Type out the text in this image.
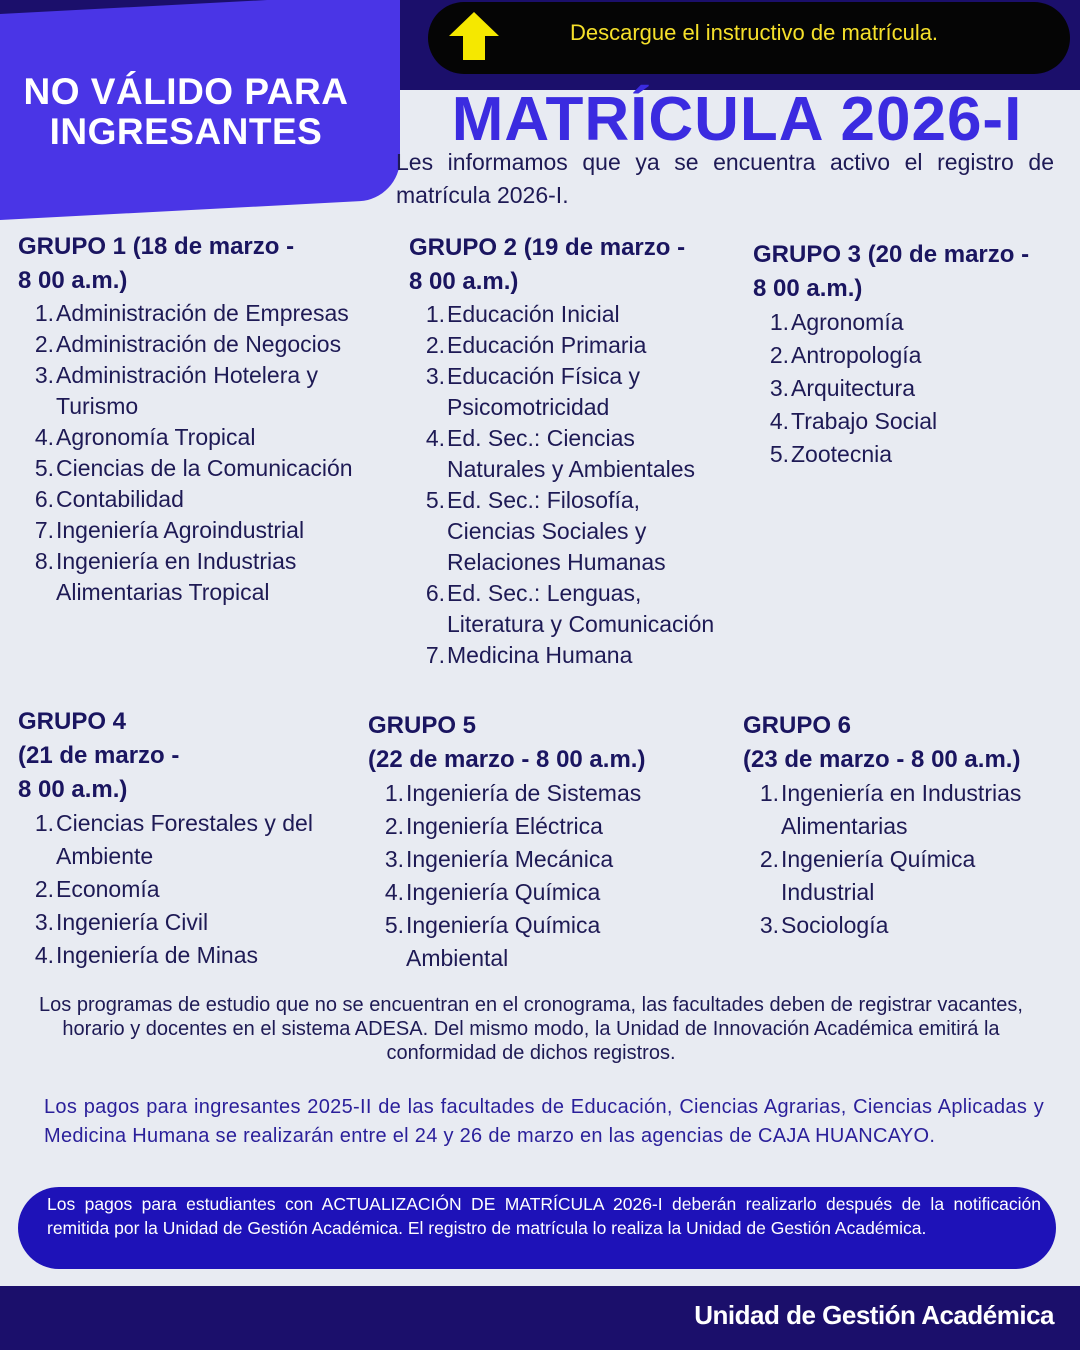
NO VÁLIDO PARA
INGRESANTES
Descargue el instructivo de matrícula.
MATRÍCULA 2026-I
Les informamos que ya se encuentra activo el registro de matrícula 2026-I.
GRUPO 1 (18 de marzo -
8 00 a.m.)
1. Administración de Empresas
2. Administración de Negocios
3. Administración Hotelera y Turismo
4. Agronomía Tropical
5. Ciencias de la Comunicación
6. Contabilidad
7. Ingeniería Agroindustrial
8. Ingeniería en Industrias Alimentarias Tropical
GRUPO 2 (19 de marzo -
8 00 a.m.)
1. Educación Inicial
2. Educación Primaria
3. Educación Física y Psicomotricidad
4. Ed. Sec.: Ciencias Naturales y Ambientales
5. Ed. Sec.: Filosofía, Ciencias Sociales y Relaciones Humanas
6. Ed. Sec.: Lenguas, Literatura y Comunicación
7. Medicina Humana
GRUPO 3 (20 de marzo -
8 00 a.m.)
1. Agronomía
2. Antropología
3. Arquitectura
4. Trabajo Social
5. Zootecnia
GRUPO 4
(21 de marzo -
8 00 a.m.)
1. Ciencias Forestales y del Ambiente
2. Economía
3. Ingeniería Civil
4. Ingeniería de Minas
GRUPO 5
(22 de marzo - 8 00 a.m.)
1. Ingeniería de Sistemas
2. Ingeniería Eléctrica
3. Ingeniería Mecánica
4. Ingeniería Química
5. Ingeniería Química Ambiental
GRUPO 6
(23 de marzo - 8 00 a.m.)
1. Ingeniería en Industrias Alimentarias
2. Ingeniería Química Industrial
3. Sociología
Los programas de estudio que no se encuentran en el cronograma, las facultades deben de registrar vacantes, horario y docentes en el sistema ADESA. Del mismo modo, la Unidad de Innovación Académica emitirá la conformidad de dichos registros.
Los pagos para ingresantes 2025-II de las facultades de Educación, Ciencias Agrarias, Ciencias Aplicadas y Medicina Humana se realizarán entre el 24 y 26 de marzo en las agencias de CAJA HUANCAYO.
Los pagos para estudiantes con ACTUALIZACIÓN DE MATRÍCULA 2026-I deberán realizarlo después de la notificación remitida por la Unidad de Gestión Académica. El registro de matrícula lo realiza la Unidad de Gestión Académica.
Unidad de Gestión Académica
